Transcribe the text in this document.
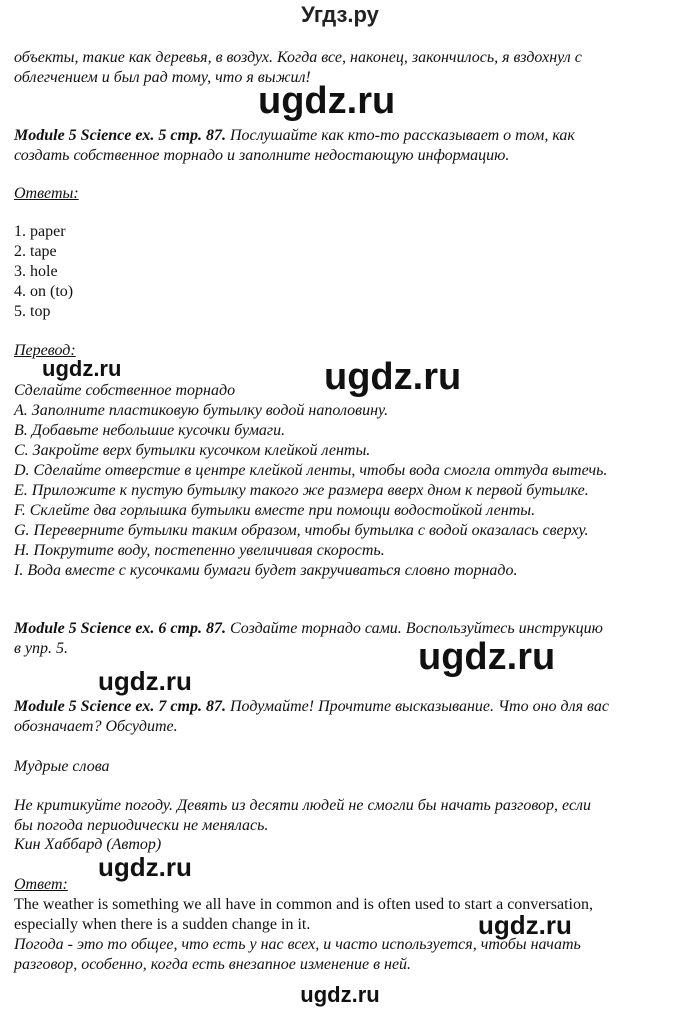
Угдз.ру
объекты, такие как деревья, в воздух. Когда все, наконец, закончилось, я вздохнул с
облегчением и был рад тому, что я выжил!
ugdz.ru
Module 5 Science ex. 5 стр. 87. Послушайте как кто-то рассказывает о том, как
создать собственное торнадо и заполните недостающую информацию.
Ответы:
1. paper
2. tape
3. hole
4. on (to)
5. top
Перевод:
ugdz.ru	ugdz.ru
Сделайте собственное торнадо
A. Заполните пластиковую бутылку водой наполовину.
B. Добавьте небольшие кусочки бумаги.
C. Закройте верх бутылки кусочком клейкой ленты.
D. Сделайте отверстие в центре клейкой ленты, чтобы вода смогла оттуда вытечь.
E. Приложите к пустую бутылку такого же размера вверх дном к первой бутылке.
F. Склейте два горлышка бутылки вместе при помощи водостойкой ленты.
G. Переверните бутылки таким образом, чтобы бутылка с водой оказалась сверху.
H. Покрутите воду, постепенно увеличивая скорость.
I. Вода вместе с кусочками бумаги будет закручиваться словно торнадо.
Module 5 Science ex. 6 стр. 87. Создайте торнадо сами. Воспользуйтесь инструкцию
в упр. 5.	ugdz.ru
ugdz.ru
Module 5 Science ex. 7 стр. 87. Подумайте! Прочтите высказывание. Что оно для вас
обозначает? Обсудите.
Мудрые слова
Не критикуйте погоду. Девять из десяти людей не смогли бы начать разговор, если
бы погода периодически не менялась.
Кин Хаббард (Автор)
ugdz.ru
Ответ:
The weather is something we all have in common and is often used to start a conversation,
especially when there is a sudden change in it.	ugdz.ru
Погода - это то общее, что есть у нас всех, и часто используется, чтобы начать
разговор, особенно, когда есть внезапное изменение в ней.
ugdz.ru
